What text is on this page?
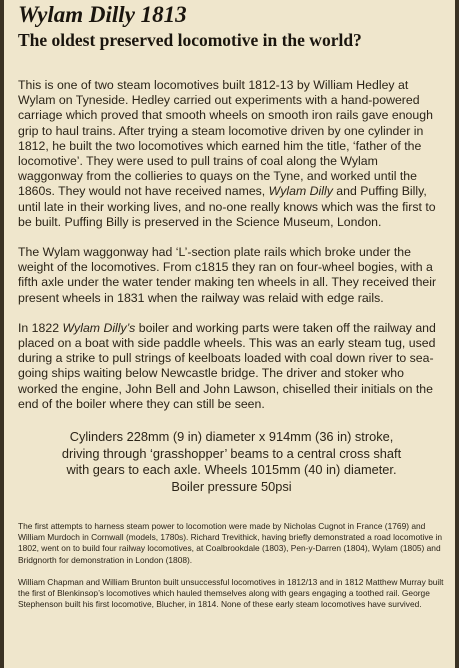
Wylam Dilly 1813
The oldest preserved locomotive in the world?

This is one of two steam locomotives built 1812-13 by William Hedley at Wylam on Tyneside. Hedley carried out experiments with a hand-powered carriage which proved that smooth wheels on smooth iron rails gave enough grip to haul trains. After trying a steam locomotive driven by one cylinder in 1812, he built the two locomotives which earned him the title, ‘father of the locomotive’. They were used to pull trains of coal along the Wylam waggonway from the collieries to quays on the Tyne, and worked until the 1860s. They would not have received names, Wylam Dilly and Puffing Billy, until late in their working lives, and no-one really knows which was the first to be built. Puffing Billy is preserved in the Science Museum, London.

The Wylam waggonway had ‘L’-section plate rails which broke under the weight of the locomotives. From c1815 they ran on four-wheel bogies, with a fifth axle under the water tender making ten wheels in all. They received their present wheels in 1831 when the railway was relaid with edge rails.

In 1822 Wylam Dilly’s boiler and working parts were taken off the railway and placed on a boat with side paddle wheels. This was an early steam tug, used during a strike to pull strings of keelboats loaded with coal down river to sea-going ships waiting below Newcastle bridge. The driver and stoker who worked the engine, John Bell and John Lawson, chiselled their initials on the end of the boiler where they can still be seen.

Cylinders 228mm (9 in) diameter x 914mm (36 in) stroke,
driving through ‘grasshopper’ beams to a central cross shaft
with gears to each axle. Wheels 1015mm (40 in) diameter.
Boiler pressure 50psi

The first attempts to harness steam power to locomotion were made by Nicholas Cugnot in France (1769) and William Murdoch in Cornwall (models, 1780s). Richard Trevithick, having briefly demonstrated a road locomotive in 1802, went on to build four railway locomotives, at Coalbrookdale (1803), Pen-y-Darren (1804), Wylam (1805) and Bridgnorth for demonstration in London (1808).

William Chapman and William Brunton built unsuccessful locomotives in 1812/13 and in 1812 Matthew Murray built the first of Blenkinsop’s locomotives which hauled themselves along with gears engaging a toothed rail. George Stephenson built his first locomotive, Blucher, in 1814. None of these early steam locomotives have survived.
